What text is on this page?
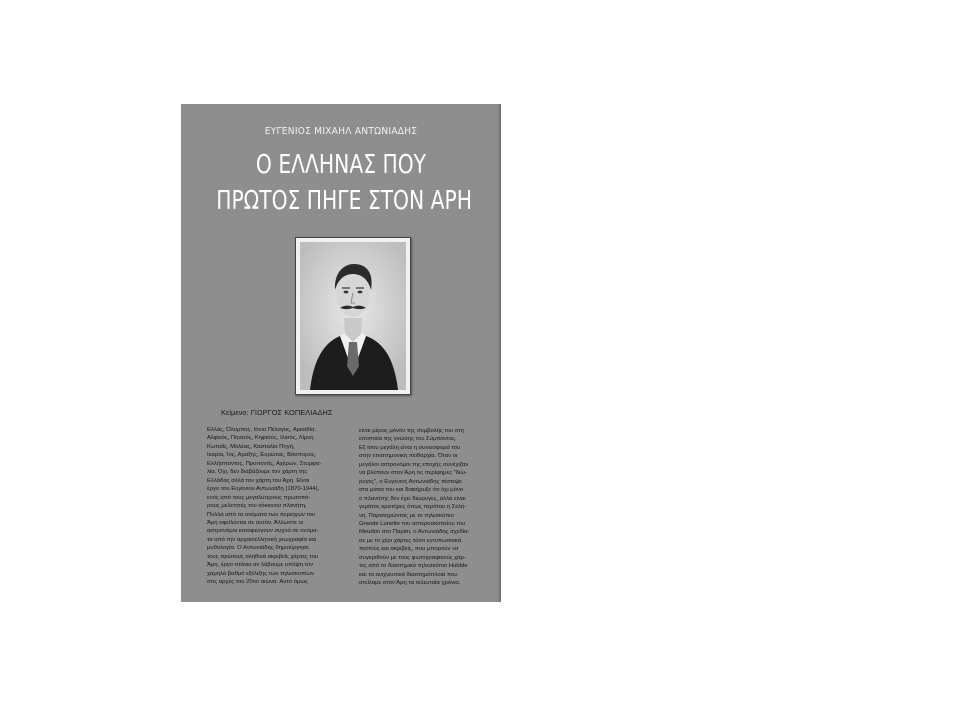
ΕΥΓΕΝΙΟΣ ΜΙΧΑΗΛ ΑΝΤΩΝΙΑΔΗΣ
Ο ΕΛΛΗΝΑΣ ΠΟΥ
ΠΡΩΤΟΣ ΠΗΓΕ ΣΤΟΝ ΑΡΗ
Κείμενο: ΓΙΩΡΓΟΣ ΚΟΠΕΛΙΑΔΗΣ
Ελλάς, Όλυμπος, Ιόνιο Πέλαγος, Αρκαδία,
Αλφειός, Πηνειός, Κηφισός, Ιλισός, Λίμνη
Κωπαΐς, Μολέας, Κασταλία Πηγή,
Ικαρία, Ίος, Αραξης, Ευρώτας, Βόσπορος,
Ελλήσποντος, Προποντίς, Αχέρων, Στυμφα-
λία. Όχι, δεν διαβάζουμε τον χάρτη της
Ελλάδας αλλά τον χάρτη του Άρη. Είναι
έργο του Ευγένιου Αντωνιάδη (1870-1944),
ενός από τους μεγαλύτερους πρωτοπό-
ρους μελετητές του κόκκινου πλανήτη.
Πολλά από τα ονόματα των περιοχών του
Άρη οφείλονται σε αυτόν. Άλλωστε οι
αστρονόμοι καταφεύγουν συχνά σε ονόμα-
τα από την αρχαιοελληνική γεωγραφία και
μυθολογία. Ο Αντωνιάδης δημιούργησε
τους πρώτους αληθινά ακριβείς χάρτες του
Άρη, έργο τιτάνιο αν λάβουμε υπόψη τον
χαμηλό βαθμό εξέλιξης των τηλεσκοπίων
στις αρχές του 20ού αιώνα. Αυτό όμως
είναι μέρος μόνον της συμβολής του στη
εποποιία της γνώσης του Σύμπαντος.
Εξ ίσου μεγάλη είναι η συνεισφορά του
στην επιστημονική πειθαρχία. Όταν οι
μεγάλοι αστρονόμοι της εποχής συνέχιζαν
να βλέπουν στον Άρη τις περίφημες "διώ-
ρυγες", ο Ευγένιος Αντωνιάδης πίστεψε
στα μάτια του και διακήρυξε ότι όχι μόνο
ο πλανήτης δεν έχει διώρυγες, αλλά είναι
γεμάτος κρατήρες όπως περίπου η Σελή-
νη. Παρατηρώντας με το τηλεσκόπιο
Grande Lunette του αστεροσκοπείου του
Meudon στο Παρίσι, ο Αντωνιάδης σχεδία-
σε με το χέρι χάρτες τόσο εντυπωσιακά
πιστούς και ακριβείς, που μπορούν να
συγκριθούν με τους φωτογραφικούς χάρ-
τες από το διαστημικό τηλεσκόπιο Hubble
και τα ανιχνευτικά διαστημόπλοια που
στείλαμε στον Άρη τα τελευταία χρόνια.
